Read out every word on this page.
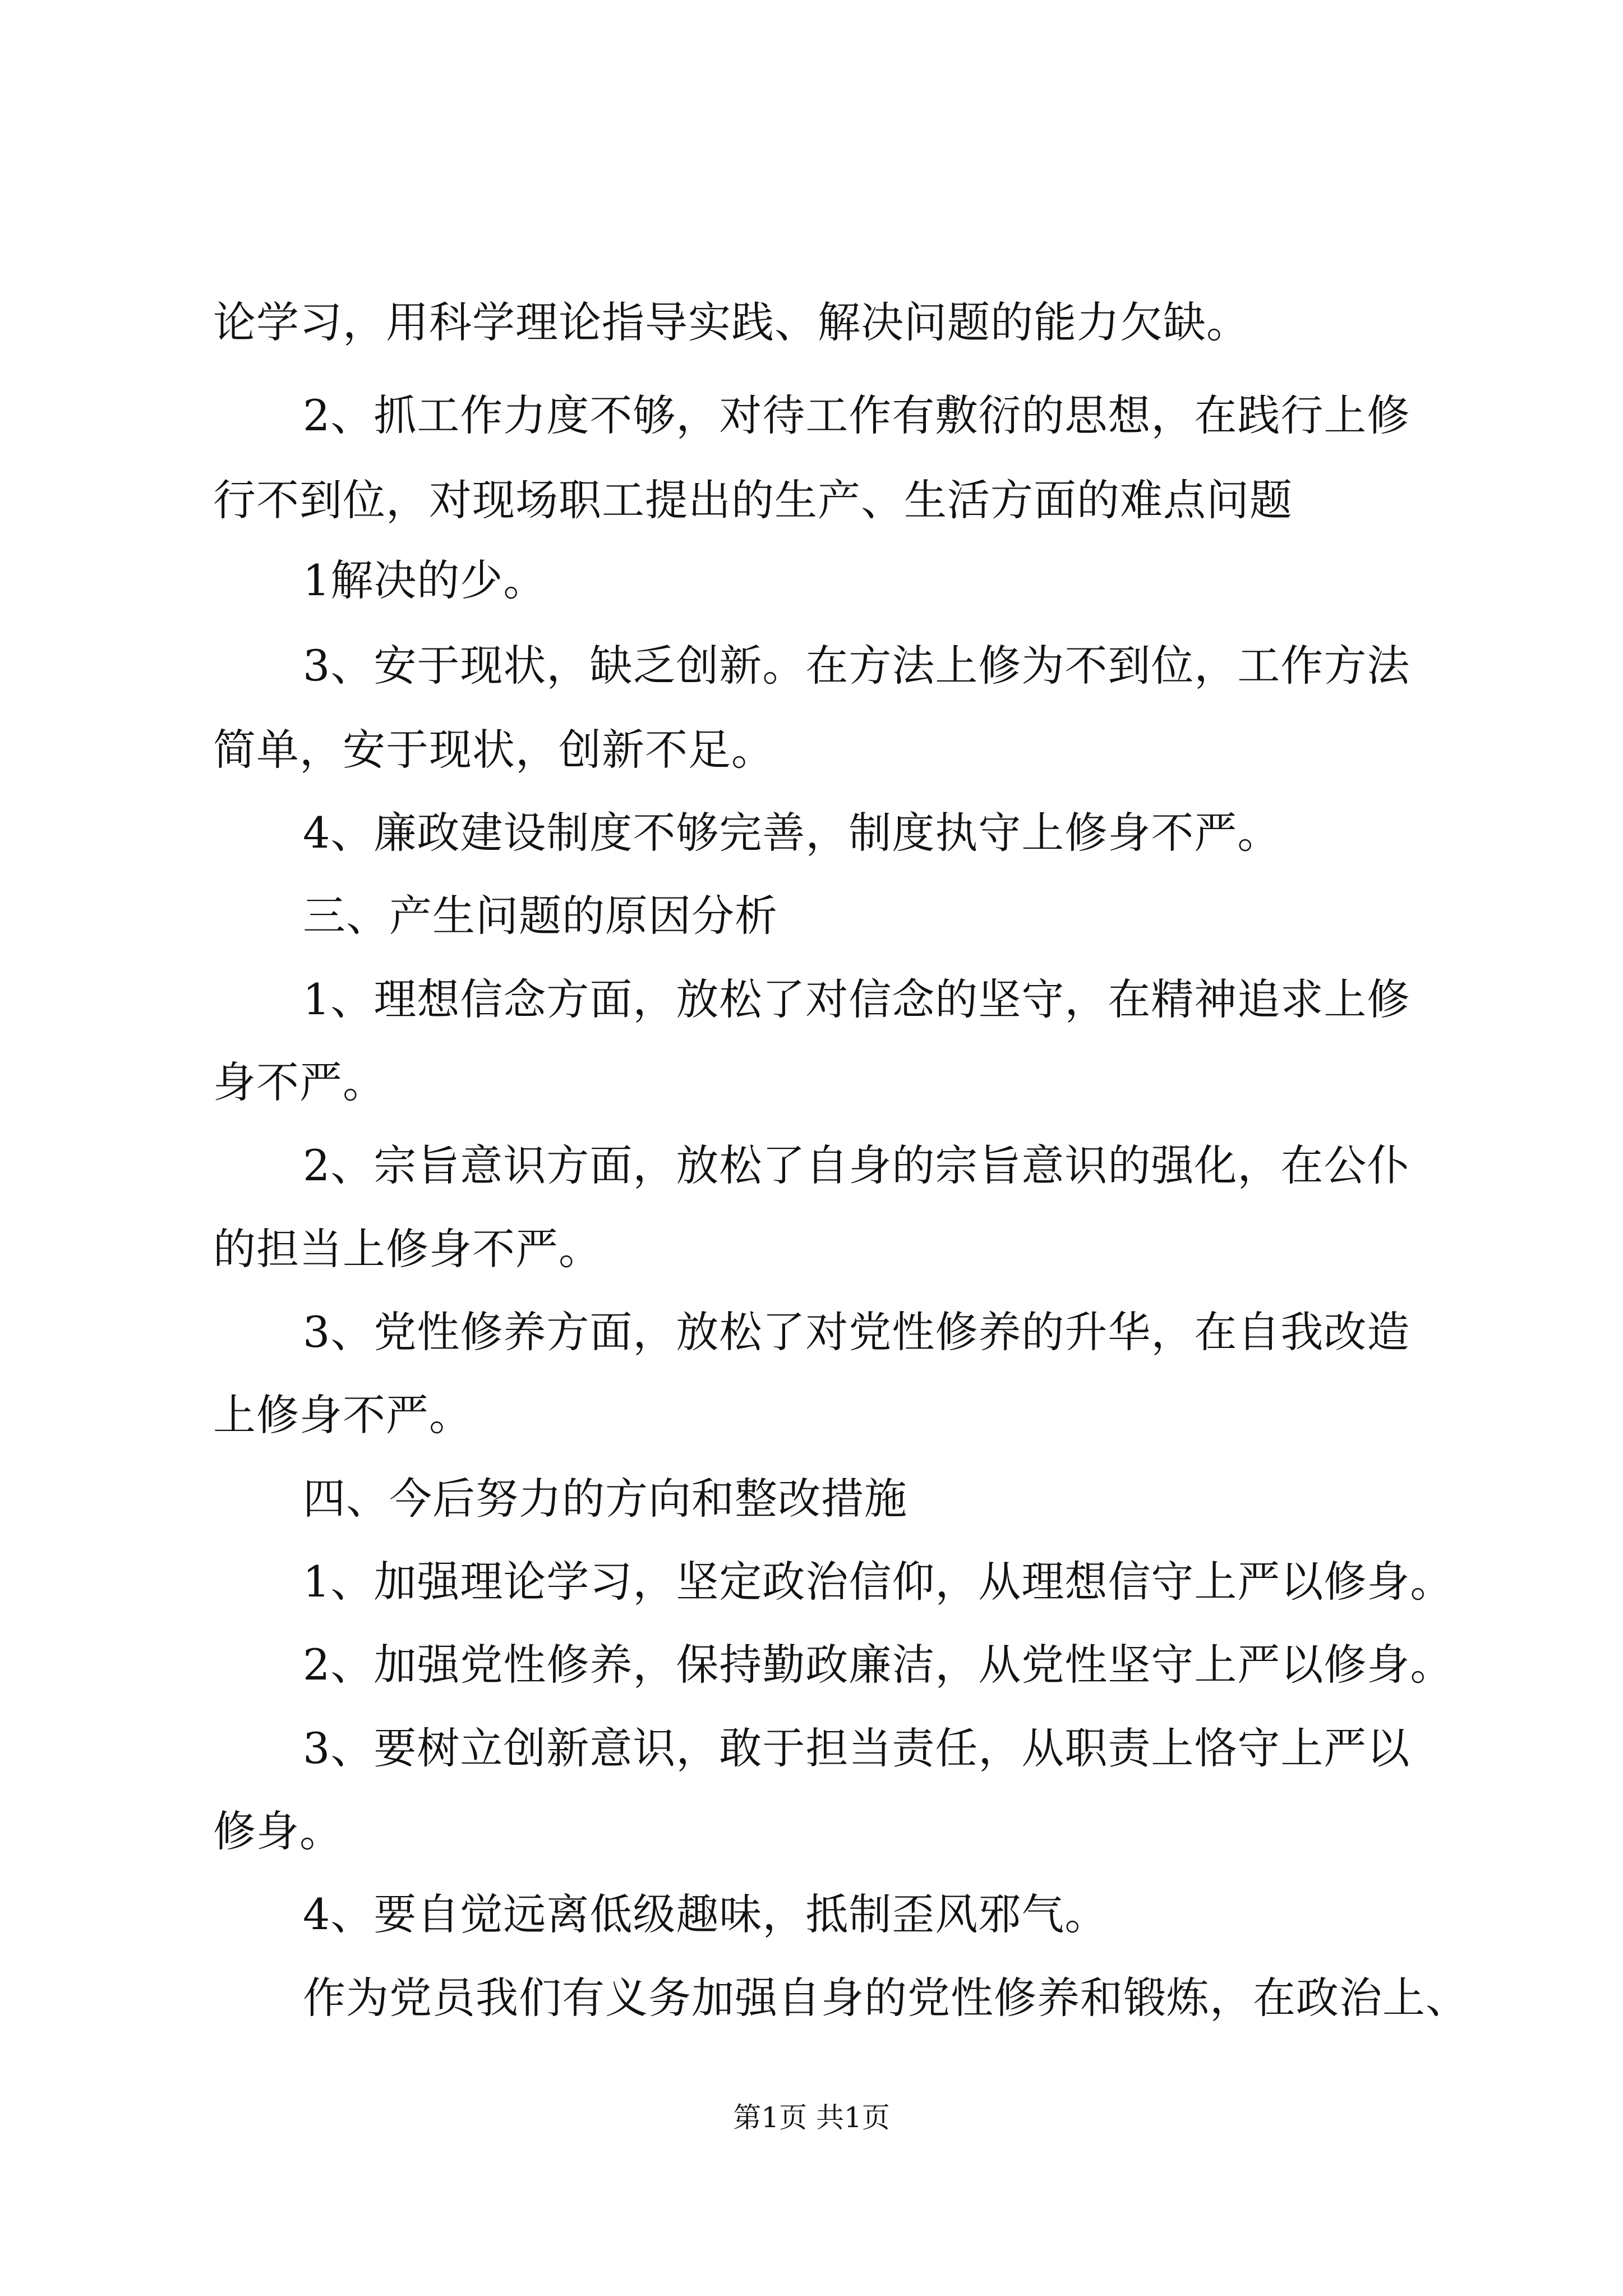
论学习，用科学理论指导实践、解决问题的能力欠缺。
2、抓工作力度不够，对待工作有敷衍的思想，在践行上修
行不到位，对现场职工提出的生产、生活方面的难点问题
1解决的少。
3、安于现状，缺乏创新。在方法上修为不到位，工作方法
简单，安于现状，创新不足。
4、廉政建设制度不够完善，制度执守上修身不严。
三、产生问题的原因分析
1、理想信念方面，放松了对信念的坚守，在精神追求上修
身不严。
2、宗旨意识方面，放松了自身的宗旨意识的强化，在公仆
的担当上修身不严。
3、党性修养方面，放松了对党性修养的升华，在自我改造
上修身不严。
四、今后努力的方向和整改措施
1、加强理论学习，坚定政治信仰，从理想信守上严以修身。
2、加强党性修养，保持勤政廉洁，从党性坚守上严以修身。
3、要树立创新意识，敢于担当责任，从职责上恪守上严以
修身。
4、要自觉远离低级趣味，抵制歪风邪气。
作为党员我们有义务加强自身的党性修养和锻炼，在政治上、
第1页 共1页
